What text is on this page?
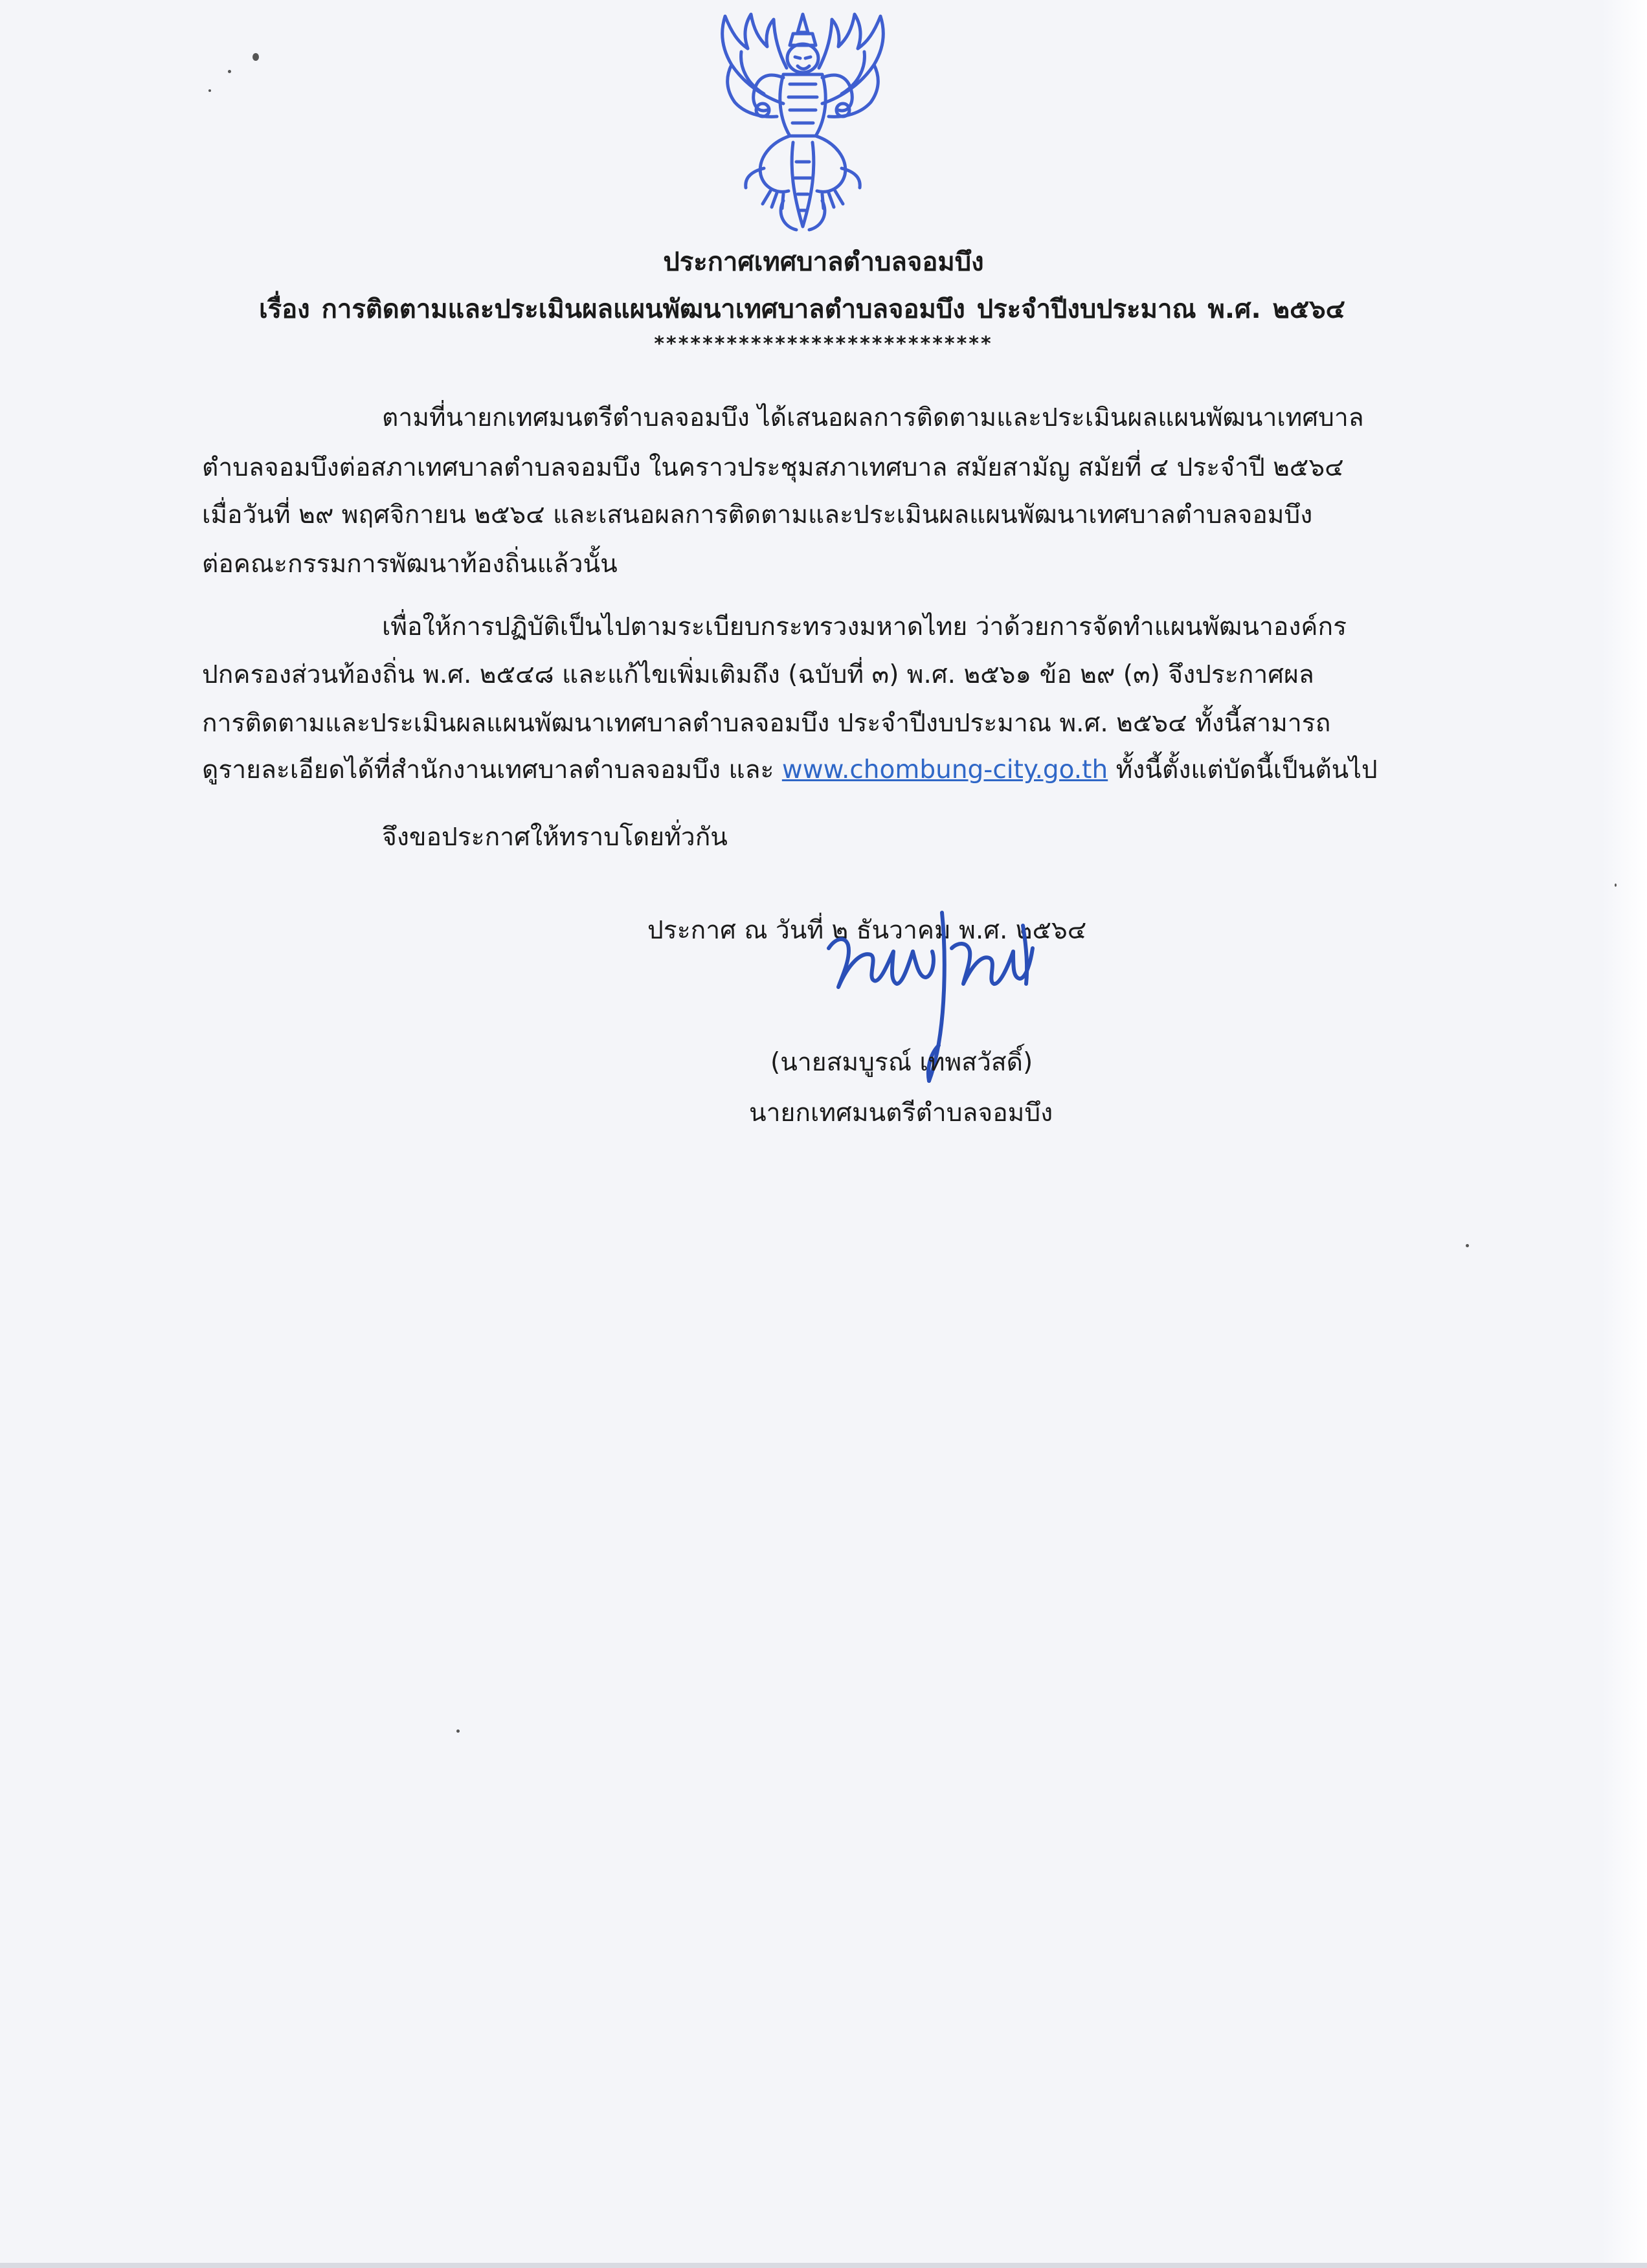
ประกาศเทศบาลตำบลจอมบึง
เรื่อง การติดตามและประเมินผลแผนพัฒนาเทศบาลตำบลจอมบึง ประจำปีงบประมาณ พ.ศ. ๒๕๖๔
****************************
ตามที่นายกเทศมนตรีตำบลจอมบึง ได้เสนอผลการติดตามและประเมินผลแผนพัฒนาเทศบาล
ตำบลจอมบึงต่อสภาเทศบาลตำบลจอมบึง ในคราวประชุมสภาเทศบาล สมัยสามัญ สมัยที่ ๔ ประจำปี ๒๕๖๔
เมื่อวันที่ ๒๙ พฤศจิกายน ๒๕๖๔ และเสนอผลการติดตามและประเมินผลแผนพัฒนาเทศบาลตำบลจอมบึง
ต่อคณะกรรมการพัฒนาท้องถิ่นแล้วนั้น
เพื่อให้การปฏิบัติเป็นไปตามระเบียบกระทรวงมหาดไทย ว่าด้วยการจัดทำแผนพัฒนาองค์กร
ปกครองส่วนท้องถิ่น พ.ศ. ๒๕๔๘ และแก้ไขเพิ่มเติมถึง (ฉบับที่ ๓) พ.ศ. ๒๕๖๑ ข้อ ๒๙ (๓) จึงประกาศผล
การติดตามและประเมินผลแผนพัฒนาเทศบาลตำบลจอมบึง ประจำปีงบประมาณ พ.ศ. ๒๕๖๔ ทั้งนี้สามารถ
ดูรายละเอียดได้ที่สำนักงานเทศบาลตำบลจอมบึง และ www.chombung-city.go.th ทั้งนี้ตั้งแต่บัดนี้เป็นต้นไป
จึงขอประกาศให้ทราบโดยทั่วกัน
ประกาศ ณ วันที่ ๒ ธันวาคม พ.ศ. ๒๕๖๔
(นายสมบูรณ์ เทพสวัสดิ์)
นายกเทศมนตรีตำบลจอมบึง
